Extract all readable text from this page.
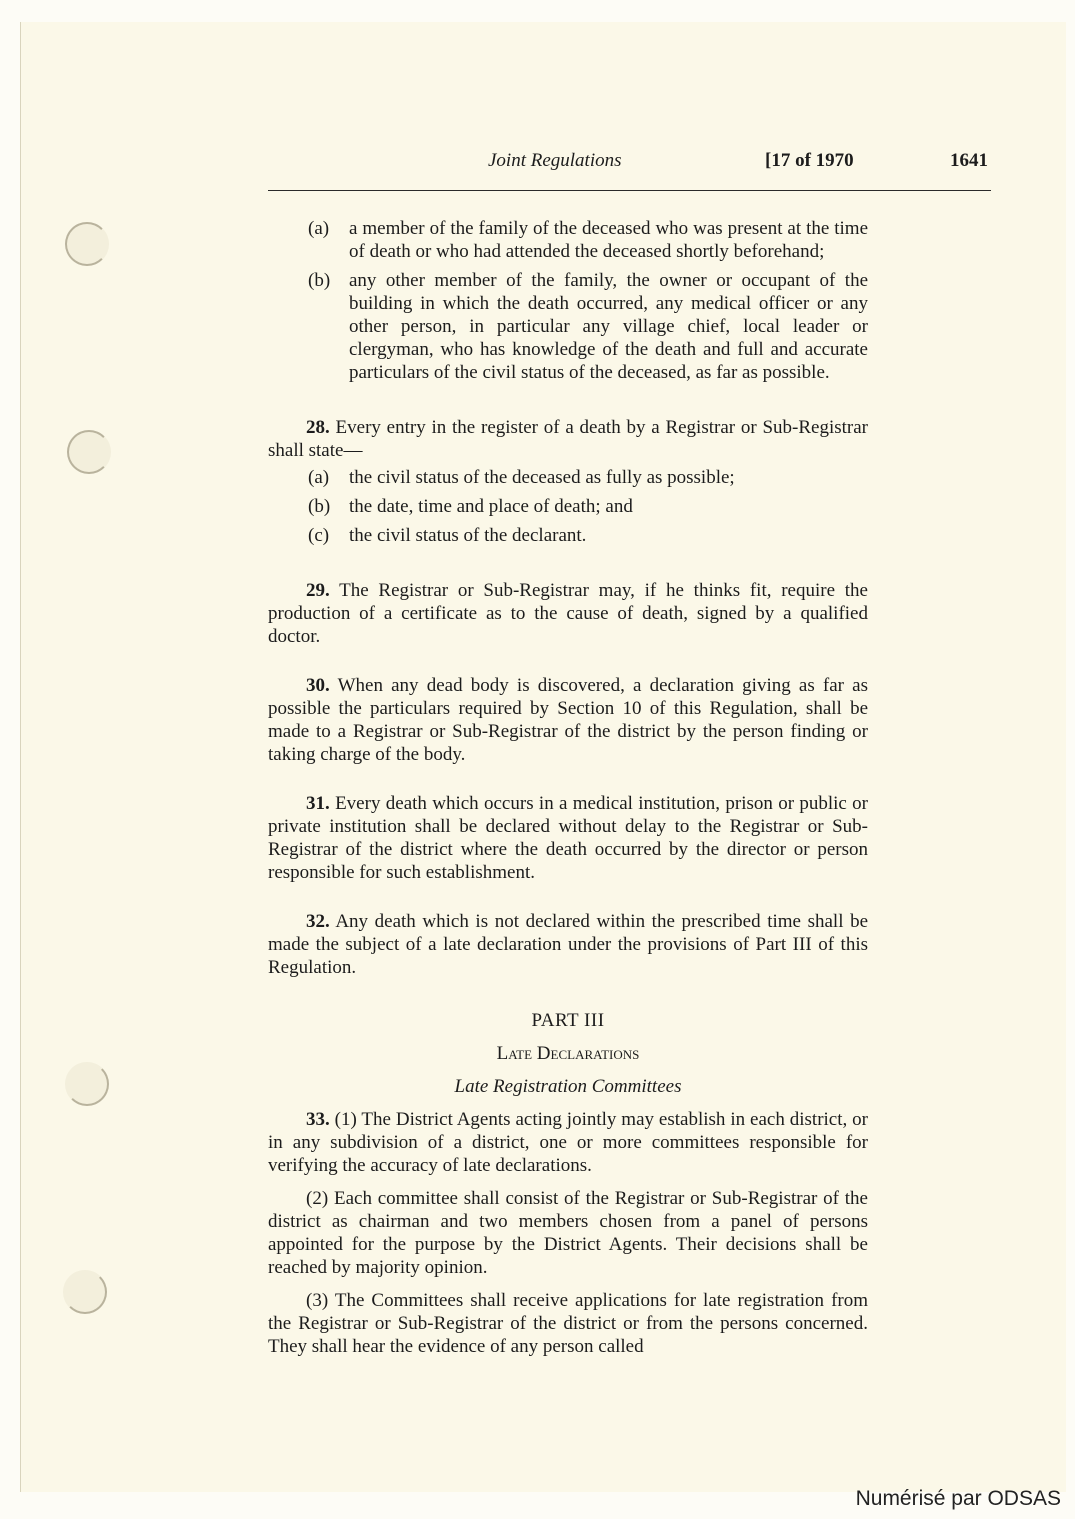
Joint Regulations	[17 of 1970	1641
(a) a member of the family of the deceased who was present at the time of death or who had attended the deceased shortly beforehand;
(b) any other member of the family, the owner or occupant of the building in which the death occurred, any medical officer or any other person, in particular any village chief, local leader or clergyman, who has knowledge of the death and full and accurate particulars of the civil status of the deceased, as far as possible.

28. Every entry in the register of a death by a Registrar or Sub-Registrar shall state—

(a) the civil status of the deceased as fully as possible;
(b) the date, time and place of death; and
(c) the civil status of the declarant.

29. The Registrar or Sub-Registrar may, if he thinks fit, require the production of a certificate as to the cause of death, signed by a qualified doctor.

30. When any dead body is discovered, a declaration giving as far as possible the particulars required by Section 10 of this Regulation, shall be made to a Registrar or Sub-Registrar of the district by the person finding or taking charge of the body.

31. Every death which occurs in a medical institution, prison or public or private institution shall be declared without delay to the Registrar or Sub-Registrar of the district where the death occurred by the director or person responsible for such establishment.

32. Any death which is not declared within the prescribed time shall be made the subject of a late declaration under the provisions of Part III of this Regulation.

PART III

Late Declarations

Late Registration Committees

33. (1) The District Agents acting jointly may establish in each district, or in any subdivision of a district, one or more committees responsible for verifying the accuracy of late declarations.

(2) Each committee shall consist of the Registrar or Sub-Registrar of the district as chairman and two members chosen from a panel of persons appointed for the purpose by the District Agents. Their decisions shall be reached by majority opinion.

(3) The Committees shall receive applications for late registration from the Registrar or Sub-Registrar of the district or from the persons concerned. They shall hear the evidence of any person called

Numérisé par ODSAS
